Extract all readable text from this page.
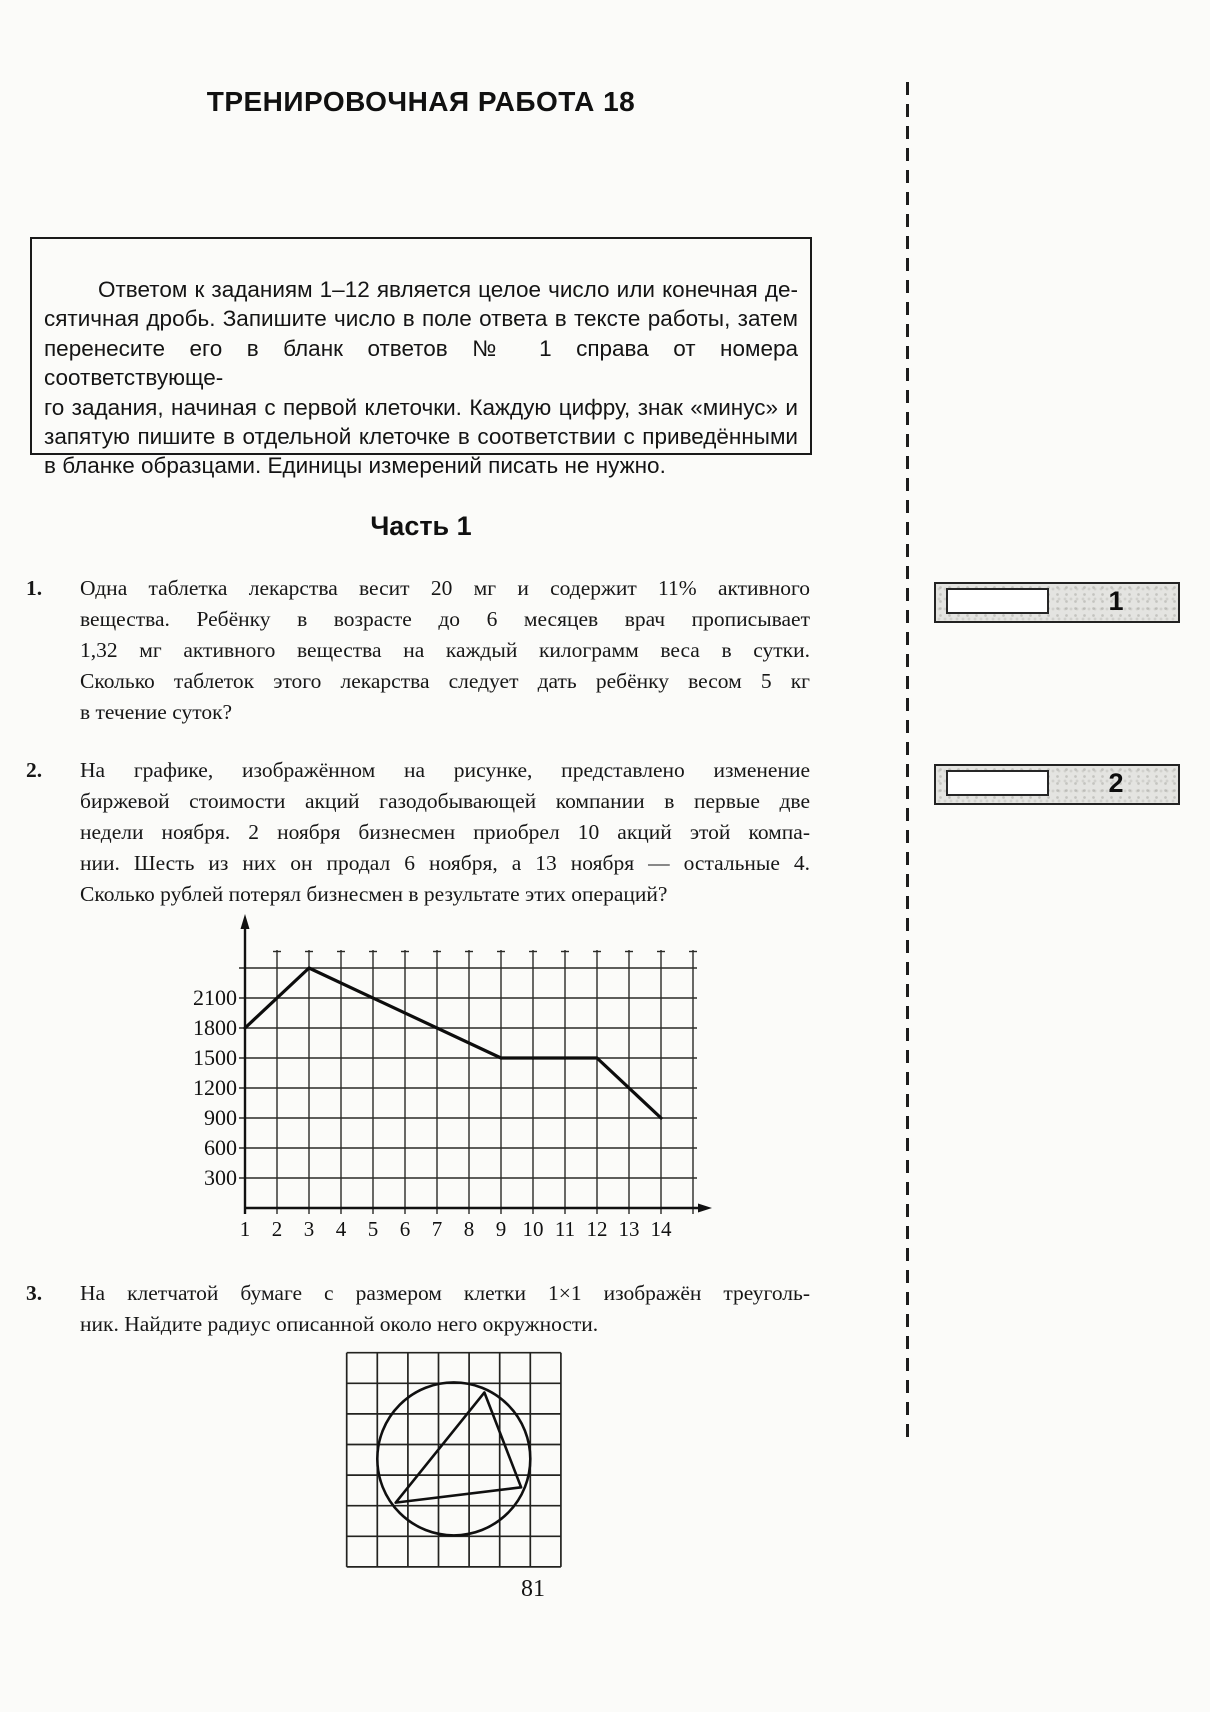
ТРЕНИРОВОЧНАЯ РАБОТА 18
Ответом к заданиям 1–12 является целое число или конечная де-
сятичная дробь. Запишите число в поле ответа в тексте работы, затем
перенесите его в бланк ответов № 1 справа от номера соответствующе-
го задания, начиная с первой клеточки. Каждую цифру, знак «минус» и
запятую пишите в отдельной клеточке в соответствии с приведёнными
в бланке образцами. Единицы измерений писать не нужно.
Часть 1
1.	Одна таблетка лекарства весит 20 мг и содержит 11% активного
вещества. Ребёнку в возрасте до 6 месяцев врач прописывает
1,32 мг активного вещества на каждый килограмм веса в сутки.
Сколько таблеток этого лекарства следует дать ребёнку весом 5 кг
в течение суток?
2.	На графике, изображённом на рисунке, представлено изменение
биржевой стоимости акций газодобывающей компании в первые две
недели ноября. 2 ноября бизнесмен приобрел 10 акций этой компа-
нии. Шесть из них он продал 6 ноября, а 13 ноября — остальные 4.
Сколько рублей потерял бизнесмен в результате этих операций?
2100
1800
1500
1200
900
600
300
1 2 3 4 5 6 7 8 9 10 11 12 13 14
3.	На клетчатой бумаге с размером клетки 1×1 изображён треуголь-
ник. Найдите радиус описанной около него окружности.
1
2
81
